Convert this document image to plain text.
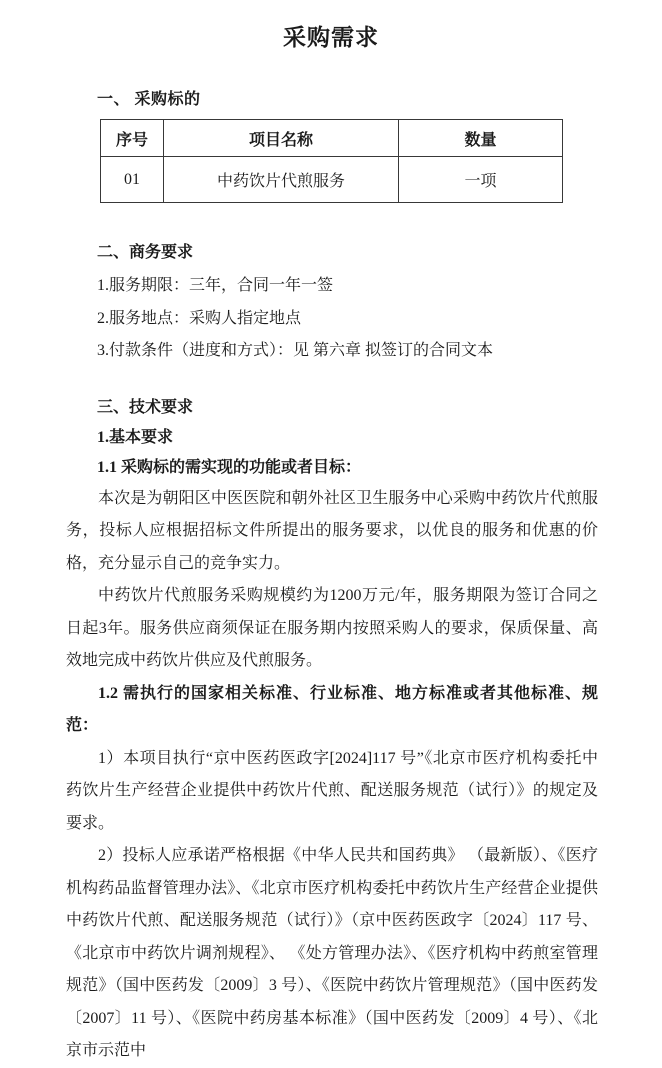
采购需求
一、 采购标的
序号	项目名称	数量
01	中药饮片代煎服务	一项
二、商务要求
1.服务期限：三年，合同一年一签
2.服务地点：采购人指定地点
3.付款条件（进度和方式）：见 第六章 拟签订的合同文本
三、技术要求
1.基本要求
1.1 采购标的需实现的功能或者目标：
本次是为朝阳区中医医院和朝外社区卫生服务中心采购中药饮片代煎服务，投标人应根据招标文件所提出的服务要求，以优良的服务和优惠的价格，充分显示自己的竞争实力。
中药饮片代煎服务采购规模约为1200万元/年，服务期限为签订合同之日起3年。服务供应商须保证在服务期内按照采购人的要求，保质保量、高效地完成中药饮片供应及代煎服务。
1.2 需执行的国家相关标准、行业标准、地方标准或者其他标准、规范：
1）本项目执行“京中医药医政字[2024]117 号”《北京市医疗机构委托中药饮片生产经营企业提供中药饮片代煎、配送服务规范（试行）》的规定及要求。
2）投标人应承诺严格根据《中华人民共和国药典》 （最新版）、《医疗机构药品监督管理办法》、《北京市医疗机构委托中药饮片生产经营企业提供中药饮片代煎、配送服务规范（试行）》（京中医药医政字〔2024〕117 号、《北京市中药饮片调剂规程》、 《处方管理办法》、《医疗机构中药煎室管理规范》（国中医药发〔2009〕3 号）、《医院中药饮片管理规范》（国中医药发〔2007〕11 号）、《医院中药房基本标准》（国中医药发〔2009〕4 号）、《北京市示范中
